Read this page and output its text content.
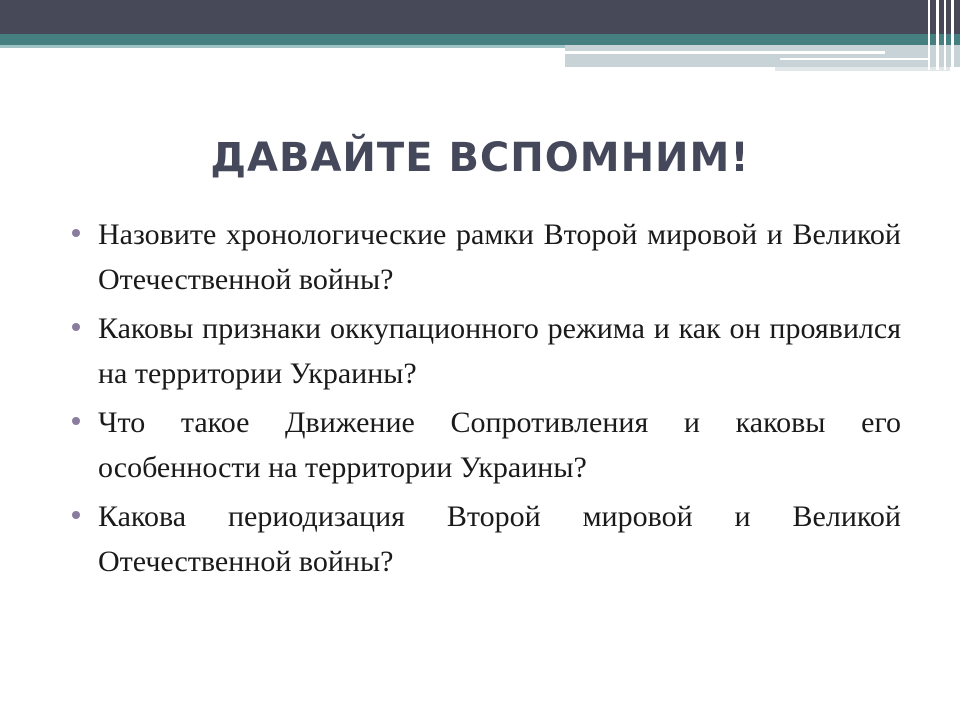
ДАВАЙТЕ ВСПОМНИМ!
Назовите хронологические рамки Второй мировой и Великой Отечественной войны?
Каковы признаки оккупационного режима и как он проявился на территории Украины?
Что такое Движение Сопротивления и каковы его особенности на территории Украины?
Какова периодизация Второй мировой и Великой Отечественной войны?
